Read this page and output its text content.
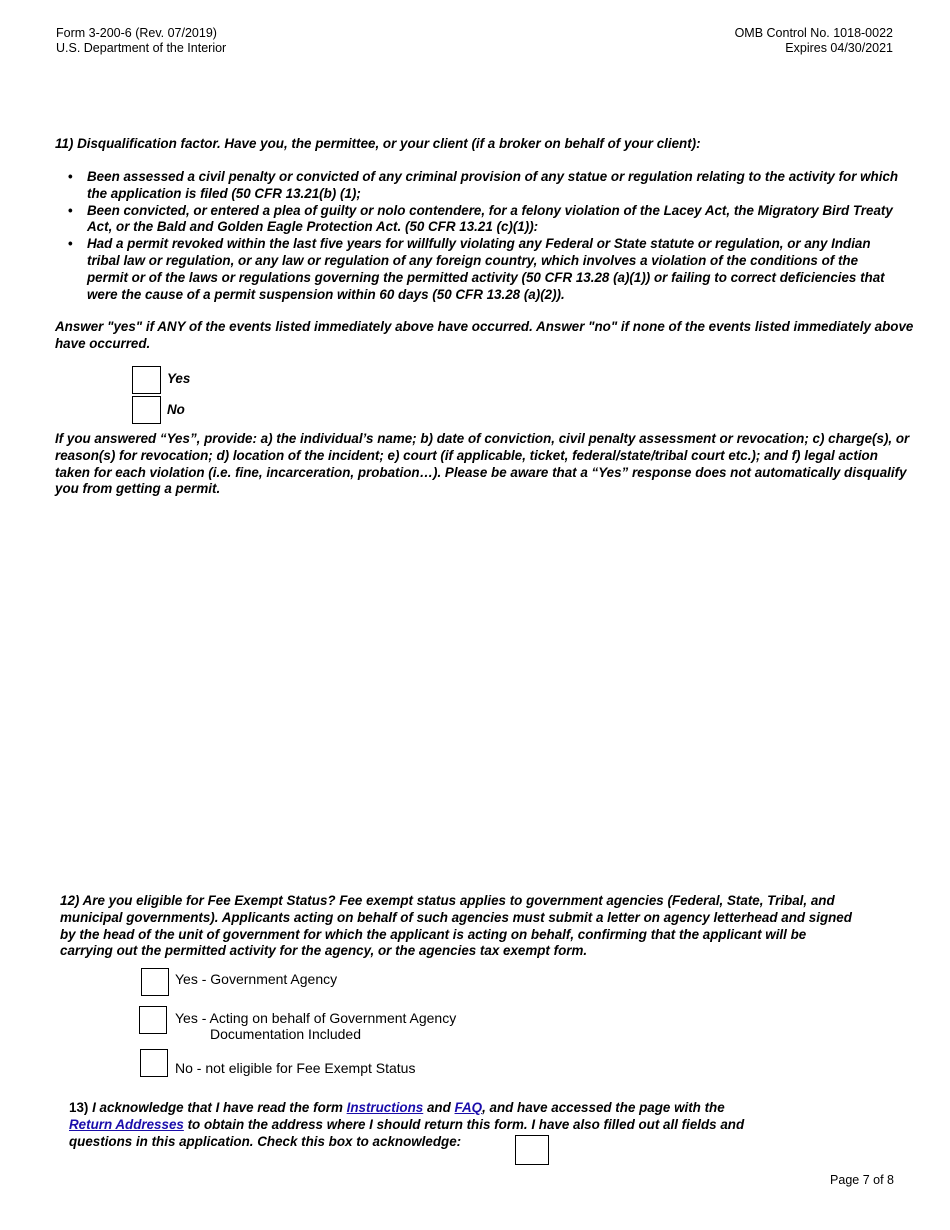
Form 3-200-6 (Rev. 07/2019)
U.S. Department of the Interior
OMB Control No. 1018-0022
Expires 04/30/2021
11) Disqualification factor. Have you, the permittee, or your client (if a broker on behalf of your client):
• Been assessed a civil penalty or convicted of any criminal provision of any statue or regulation relating to the activity for which the application is filed (50 CFR 13.21(b) (1);
• Been convicted, or entered a plea of guilty or nolo contendere, for a felony violation of the Lacey Act, the Migratory Bird Treaty Act, or the Bald and Golden Eagle Protection Act. (50 CFR 13.21 (c)(1)):
• Had a permit revoked within the last five years for willfully violating any Federal or State statute or regulation, or any Indian tribal law or regulation, or any law or regulation of any foreign country, which involves a violation of the conditions of the permit or of the laws or regulations governing the permitted activity (50 CFR 13.28 (a)(1)) or failing to correct deficiencies that were the cause of a permit suspension within 60 days (50 CFR 13.28 (a)(2)).
Answer "yes" if ANY of the events listed immediately above have occurred. Answer "no" if none of the events listed immediately above have occurred.
Yes
No
If you answered “Yes”, provide: a) the individual’s name; b) date of conviction, civil penalty assessment or revocation; c) charge(s), or reason(s) for revocation; d) location of the incident; e) court (if applicable, ticket, federal/state/tribal court etc.); and f) legal action taken for each violation (i.e. fine, incarceration, probation…). Please be aware that a “Yes” response does not automatically disqualify you from getting a permit.
12) Are you eligible for Fee Exempt Status? Fee exempt status applies to government agencies (Federal, State, Tribal, and municipal governments). Applicants acting on behalf of such agencies must submit a letter on agency letterhead and signed by the head of the unit of government for which the applicant is acting on behalf, confirming that the applicant will be carrying out the permitted activity for the agency, or the agencies tax exempt form.
Yes - Government Agency
Yes - Acting on behalf of Government Agency
Documentation Included
No - not eligible for Fee Exempt Status
13) I acknowledge that I have read the form Instructions and FAQ, and have accessed the page with the Return Addresses to obtain the address where I should return this form. I have also filled out all fields and questions in this application. Check this box to acknowledge:
Page 7 of 8
